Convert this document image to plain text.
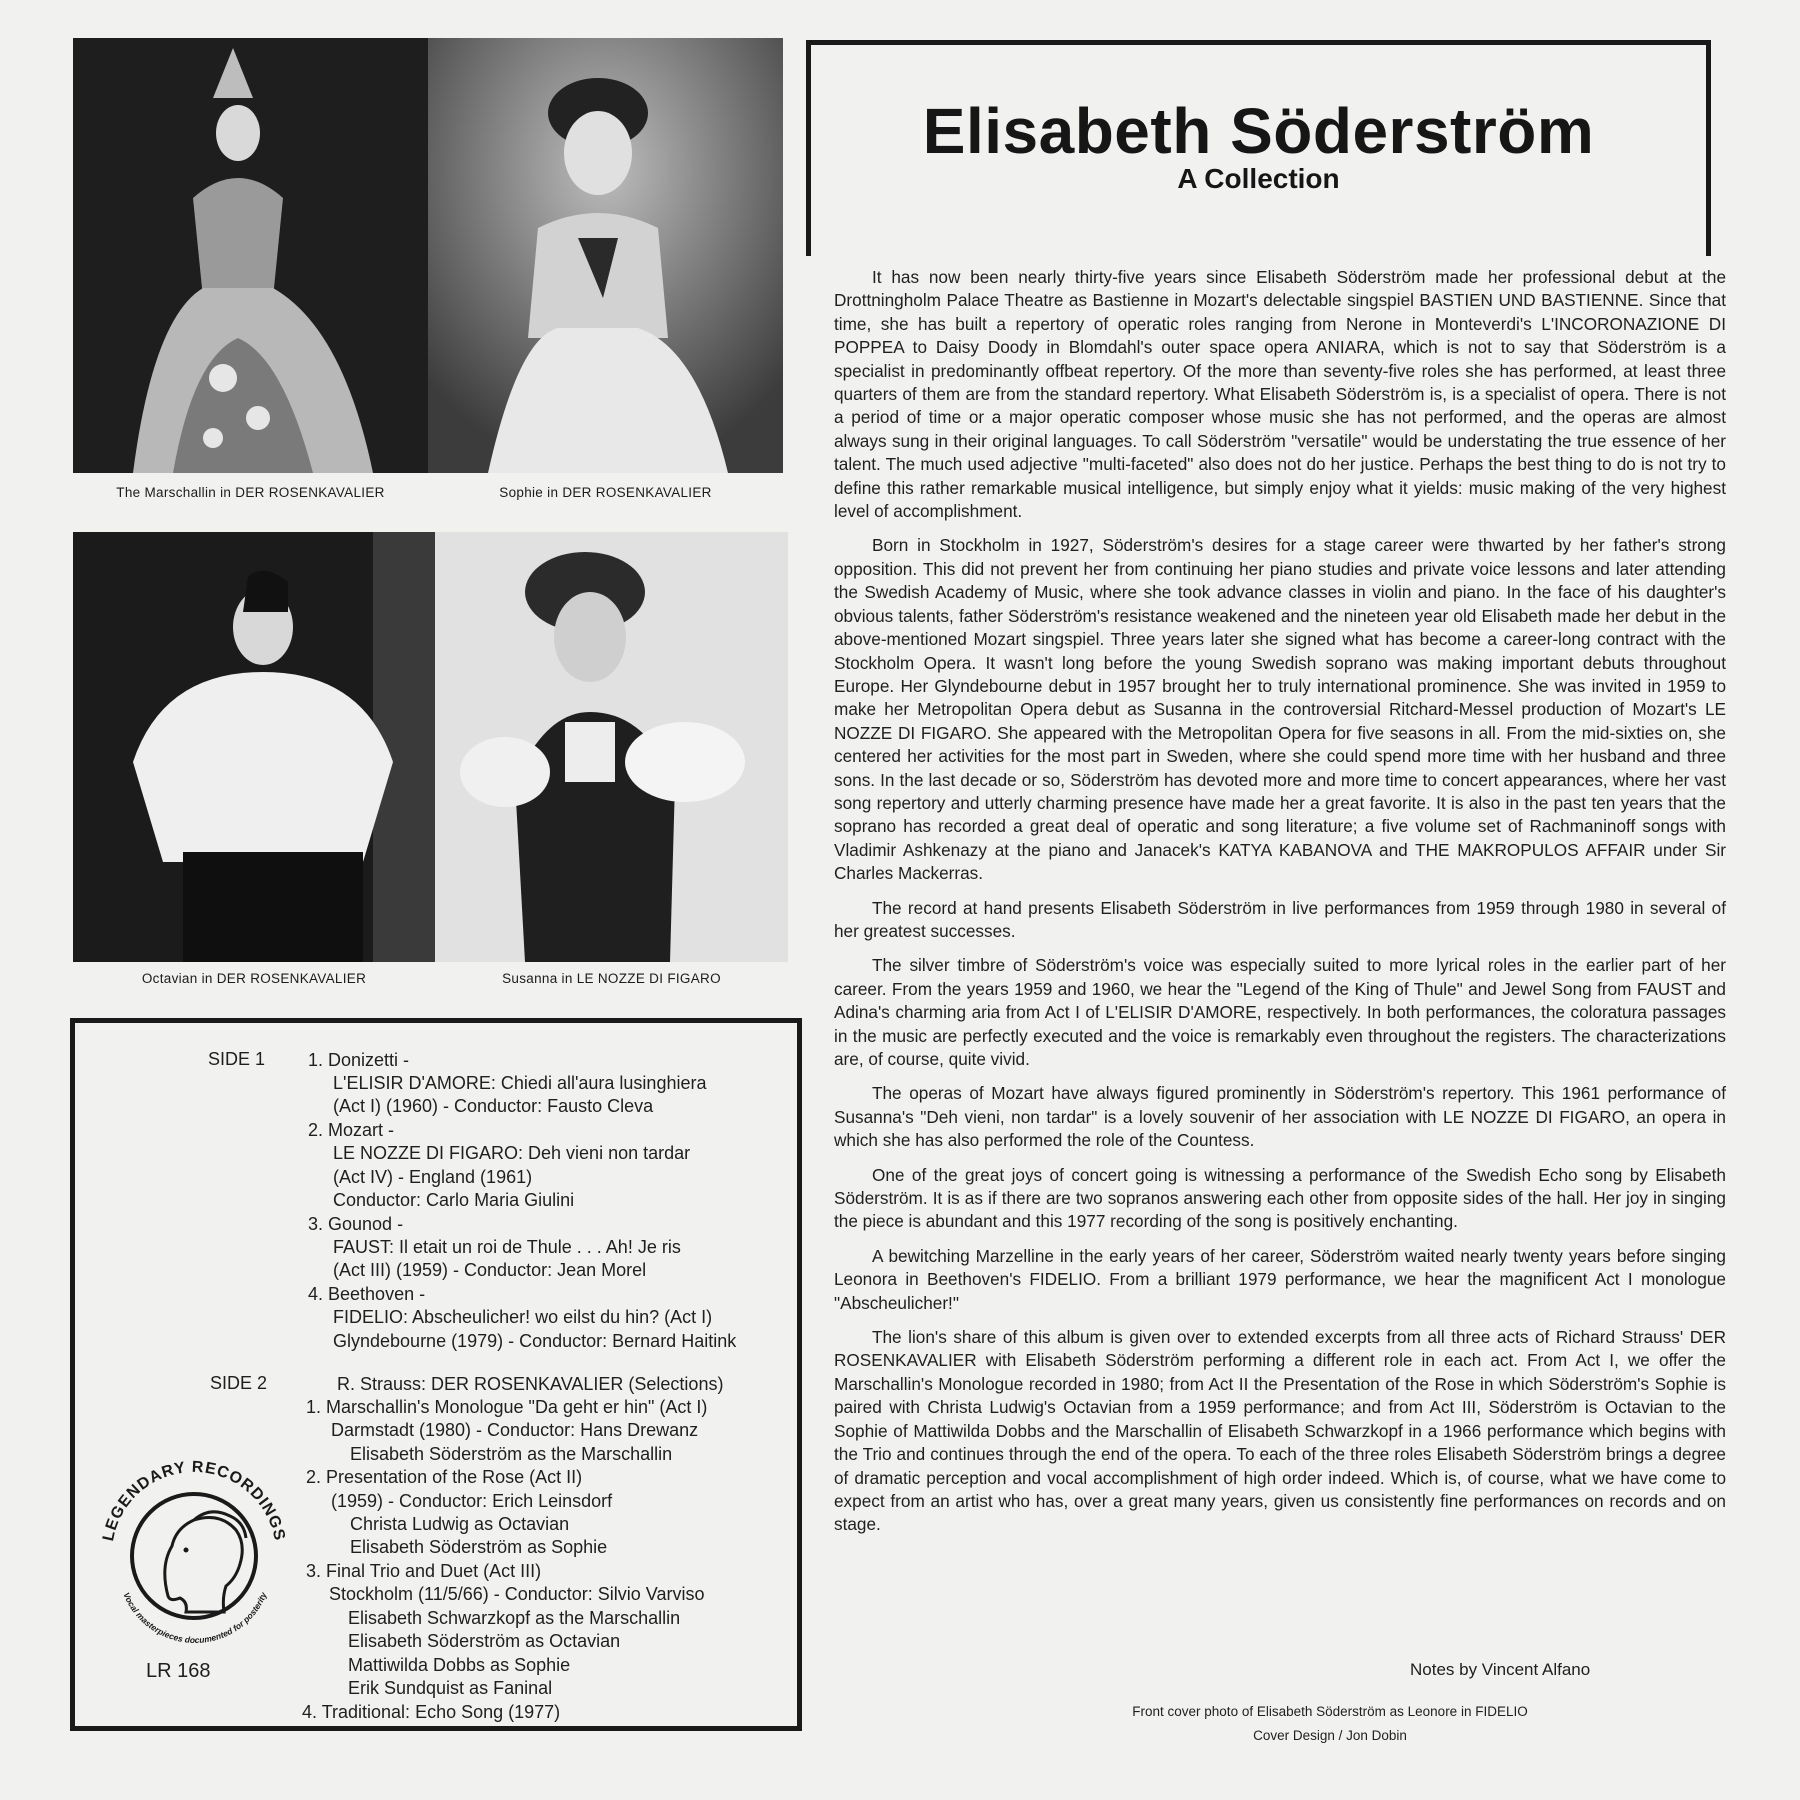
The Marschallin in DER ROSENKAVALIER	Sophie in DER ROSENKAVALIER
Octavian in DER ROSENKAVALIER	Susanna in LE NOZZE DI FIGARO
Elisabeth Söderström
A Collection

It has now been nearly thirty-five years since Elisabeth Söderström made her professional debut at the Drottningholm Palace Theatre as Bastienne in Mozart's delectable singspiel BASTIEN UND BASTIENNE. Since that time, she has built a repertory of operatic roles ranging from Nerone in Monteverdi's L'INCORONAZIONE DI POPPEA to Daisy Doody in Blomdahl's outer space opera ANIARA, which is not to say that Söderström is a specialist in predominantly offbeat repertory. Of the more than seventy-five roles she has performed, at least three quarters of them are from the standard repertory. What Elisabeth Söderström is, is a specialist of opera. There is not a period of time or a major operatic composer whose music she has not performed, and the operas are almost always sung in their original languages. To call Söderström "versatile" would be understating the true essence of her talent. The much used adjective "multi-faceted" also does not do her justice. Perhaps the best thing to do is not try to define this rather remarkable musical intelligence, but simply enjoy what it yields: music making of the very highest level of accomplishment.

Born in Stockholm in 1927, Söderström's desires for a stage career were thwarted by her father's strong opposition. This did not prevent her from continuing her piano studies and private voice lessons and later attending the Swedish Academy of Music, where she took advance classes in violin and piano. In the face of his daughter's obvious talents, father Söderström's resistance weakened and the nineteen year old Elisabeth made her debut in the above-mentioned Mozart singspiel. Three years later she signed what has become a career-long contract with the Stockholm Opera. It wasn't long before the young Swedish soprano was making important debuts throughout Europe. Her Glyndebourne debut in 1957 brought her to truly international prominence. She was invited in 1959 to make her Metropolitan Opera debut as Susanna in the controversial Ritchard-Messel production of Mozart's LE NOZZE DI FIGARO. She appeared with the Metropolitan Opera for five seasons in all. From the mid-sixties on, she centered her activities for the most part in Sweden, where she could spend more time with her husband and three sons. In the last decade or so, Söderström has devoted more and more time to concert appearances, where her vast song repertory and utterly charming presence have made her a great favorite. It is also in the past ten years that the soprano has recorded a great deal of operatic and song literature; a five volume set of Rachmaninoff songs with Vladimir Ashkenazy at the piano and Janacek's KATYA KABANOVA and THE MAKROPULOS AFFAIR under Sir Charles Mackerras.

The record at hand presents Elisabeth Söderström in live performances from 1959 through 1980 in several of her greatest successes.

The silver timbre of Söderström's voice was especially suited to more lyrical roles in the earlier part of her career. From the years 1959 and 1960, we hear the "Legend of the King of Thule" and Jewel Song from FAUST and Adina's charming aria from Act I of L'ELISIR D'AMORE, respectively. In both performances, the coloratura passages in the music are perfectly executed and the voice is remarkably even throughout the registers. The characterizations are, of course, quite vivid.

The operas of Mozart have always figured prominently in Söderström's repertory. This 1961 performance of Susanna's "Deh vieni, non tardar" is a lovely souvenir of her association with LE NOZZE DI FIGARO, an opera in which she has also performed the role of the Countess.

One of the great joys of concert going is witnessing a performance of the Swedish Echo song by Elisabeth Söderström. It is as if there are two sopranos answering each other from opposite sides of the hall. Her joy in singing the piece is abundant and this 1977 recording of the song is positively enchanting.

A bewitching Marzelline in the early years of her career, Söderström waited nearly twenty years before singing Leonora in Beethoven's FIDELIO. From a brilliant 1979 performance, we hear the magnificent Act I monologue "Abscheulicher!"

The lion's share of this album is given over to extended excerpts from all three acts of Richard Strauss' DER ROSENKAVALIER with Elisabeth Söderström performing a different role in each act. From Act I, we offer the Marschallin's Monologue recorded in 1980; from Act II the Presentation of the Rose in which Söderström's Sophie is paired with Christa Ludwig's Octavian from a 1959 performance; and from Act III, Söderström is Octavian to the Sophie of Mattiwilda Dobbs and the Marschallin of Elisabeth Schwarzkopf in a 1966 performance which begins with the Trio and continues through the end of the opera. To each of the three roles Elisabeth Söderström brings a degree of dramatic perception and vocal accomplishment of high order indeed. Which is, of course, what we have come to expect from an artist who has, over a great many years, given us consistently fine performances on records and on stage.

Notes by Vincent Alfano
Front cover photo of Elisabeth Söderström as Leonore in FIDELIO
Cover Design / Jon Dobin
SIDE 1
SIDE 2
1. Donizetti -
L'ELISIR D'AMORE: Chiedi all'aura lusinghiera
(Act I) (1960) - Conductor: Fausto Cleva
2. Mozart -
LE NOZZE DI FIGARO: Deh vieni non tardar
(Act IV) - England (1961)
Conductor: Carlo Maria Giulini
3. Gounod -
FAUST: Il etait un roi de Thule . . . Ah! Je ris
(Act III) (1959) - Conductor: Jean Morel
4. Beethoven -
FIDELIO: Abscheulicher! wo eilst du hin? (Act I)
Glyndebourne (1979) - Conductor: Bernard Haitink
R. Strauss: DER ROSENKAVALIER (Selections)
1. Marschallin's Monologue "Da geht er hin" (Act I)
Darmstadt (1980) - Conductor: Hans Drewanz
Elisabeth Söderström as the Marschallin
2. Presentation of the Rose (Act II)
(1959) - Conductor: Erich Leinsdorf
Christa Ludwig as Octavian
Elisabeth Söderström as Sophie
3. Final Trio and Duet (Act III)
Stockholm (11/5/66) - Conductor: Silvio Varviso
Elisabeth Schwarzkopf as the Marschallin
Elisabeth Söderström as Octavian
Mattiwilda Dobbs as Sophie
Erik Sundquist as Faninal
4. Traditional: Echo Song (1977)
LEGENDARY RECORDINGS
Vocal masterpieces documented for posterity
LR 168
